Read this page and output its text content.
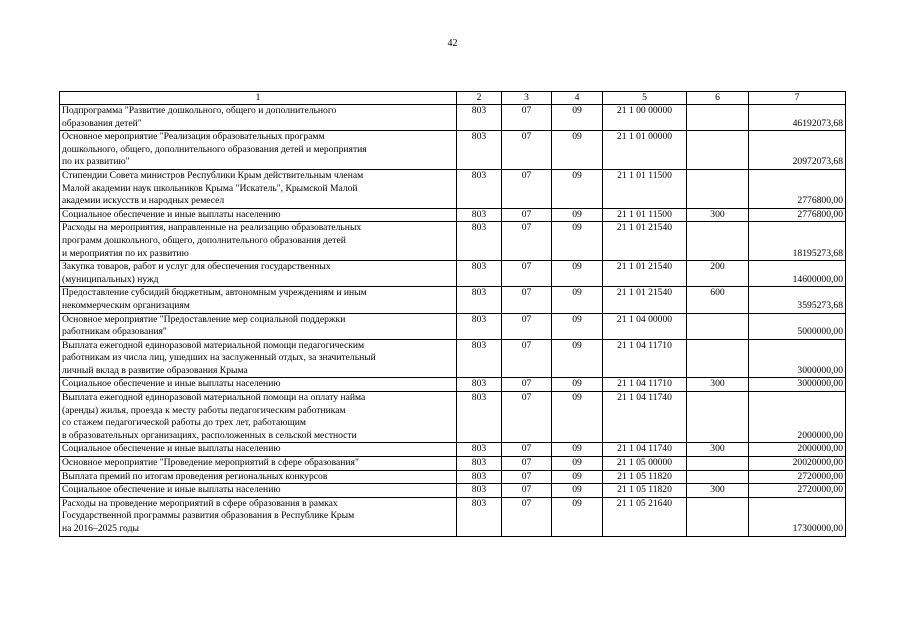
42
1	2	3	4	5	6	7

Подпрограмма "Развитие дошкольного, общего и дополнительного
образования детей"	803	07	09	21 1 00 00000		46192073,68

Основное мероприятие "Реализация образовательных программ
дошкольного, общего, дополнительного образования детей и мероприятия
по их развитию"	803	07	09	21 1 01 00000		20972073,68

Стипендии Совета министров Республики Крым действительным членам
Малой академии наук школьников Крыма "Искатель", Крымской Малой
академии искусств и народных ремесел	803	07	09	21 1 01 11500		2776800,00

Социальное обеспечение и иные выплаты населению	803	07	09	21 1 01 11500	300	2776800,00

Расходы на мероприятия, направленные на реализацию образовательных
программ дошкольного, общего, дополнительного образования детей
и мероприятия по их развитию	803	07	09	21 1 01 21540		18195273,68

Закупка товаров, работ и услуг для обеспечения государственных
(муниципальных) нужд	803	07	09	21 1 01 21540	200	14600000,00

Предоставление субсидий бюджетным, автономным учреждениям и иным
некоммерческим организациям	803	07	09	21 1 01 21540	600	3595273,68

Основное мероприятие "Предоставление мер социальной поддержки
работникам образования"	803	07	09	21 1 04 00000		5000000,00

Выплата ежегодной единоразовой материальной помощи педагогическим
работникам из числа лиц, ушедших на заслуженный отдых, за значительный
личный вклад в развитие образования Крыма	803	07	09	21 1 04 11710		3000000,00

Социальное обеспечение и иные выплаты населению	803	07	09	21 1 04 11710	300	3000000,00

Выплата ежегодной единоразовой материальной помощи на оплату найма
(аренды) жилья, проезда к месту работы педагогическим работникам
со стажем педагогической работы до трех лет, работающим
в образовательных организациях, расположенных в сельской местности	803	07	09	21 1 04 11740		2000000,00

Социальное обеспечение и иные выплаты населению	803	07	09	21 1 04 11740	300	2000000,00

Основное мероприятие "Проведение мероприятий в сфере образования"	803	07	09	21 1 05 00000		20020000,00

Выплата премий по итогам проведения региональных конкурсов	803	07	09	21 1 05 11820		2720000,00

Социальное обеспечение и иные выплаты населению	803	07	09	21 1 05 11820	300	2720000,00

Расходы на проведение мероприятий в сфере образования в рамках
Государственной программы развития образования в Республике Крым
на 2016–2025 годы	803	07	09	21 1 05 21640		17300000,00
